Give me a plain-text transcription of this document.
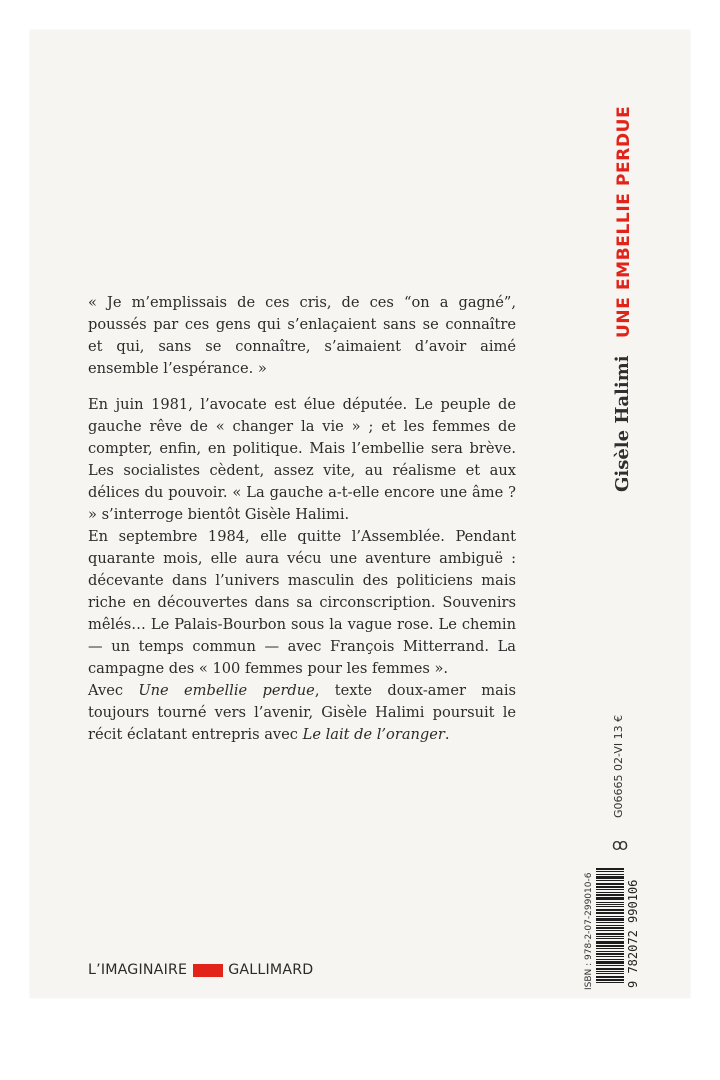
UNE EMBELLIE PERDUE
Gisèle Halimi

« Je m’emplissais de ces cris, de ces “on a gagné”, poussés par ces gens qui s’enlaçaient sans se connaître et qui, sans se connaître, s’aimaient d’avoir aimé ensemble l’espérance. »

En juin 1981, l’avocate est élue députée. Le peuple de gauche rêve de « changer la vie » ; et les femmes de compter, enfin, en politique. Mais l’embellie sera brève. Les socialistes cèdent, assez vite, au réalisme et aux délices du pouvoir. « La gauche a-t-elle encore une âme ? » s’interroge bientôt Gisèle Halimi.

En septembre 1984, elle quitte l’Assemblée. Pendant quarante mois, elle aura vécu une aventure ambiguë : décevante dans l’univers masculin des politiciens mais riche en découvertes dans sa circonscription. Souvenirs mêlés… Le Palais-Bourbon sous la vague rose. Le chemin — un temps commun — avec François Mitterrand. La campagne des « 100 femmes pour les femmes ».

Avec Une embellie perdue, texte doux-amer mais toujours tourné vers l’avenir, Gisèle Halimi poursuit le récit éclatant entrepris avec Le lait de l’oranger.	G06665 02-VI 13 €
ꚙ
ISBN : 978-2-07-299010-6	9 782072 990106
L’IMAGINAIRE	GALLIMARD
